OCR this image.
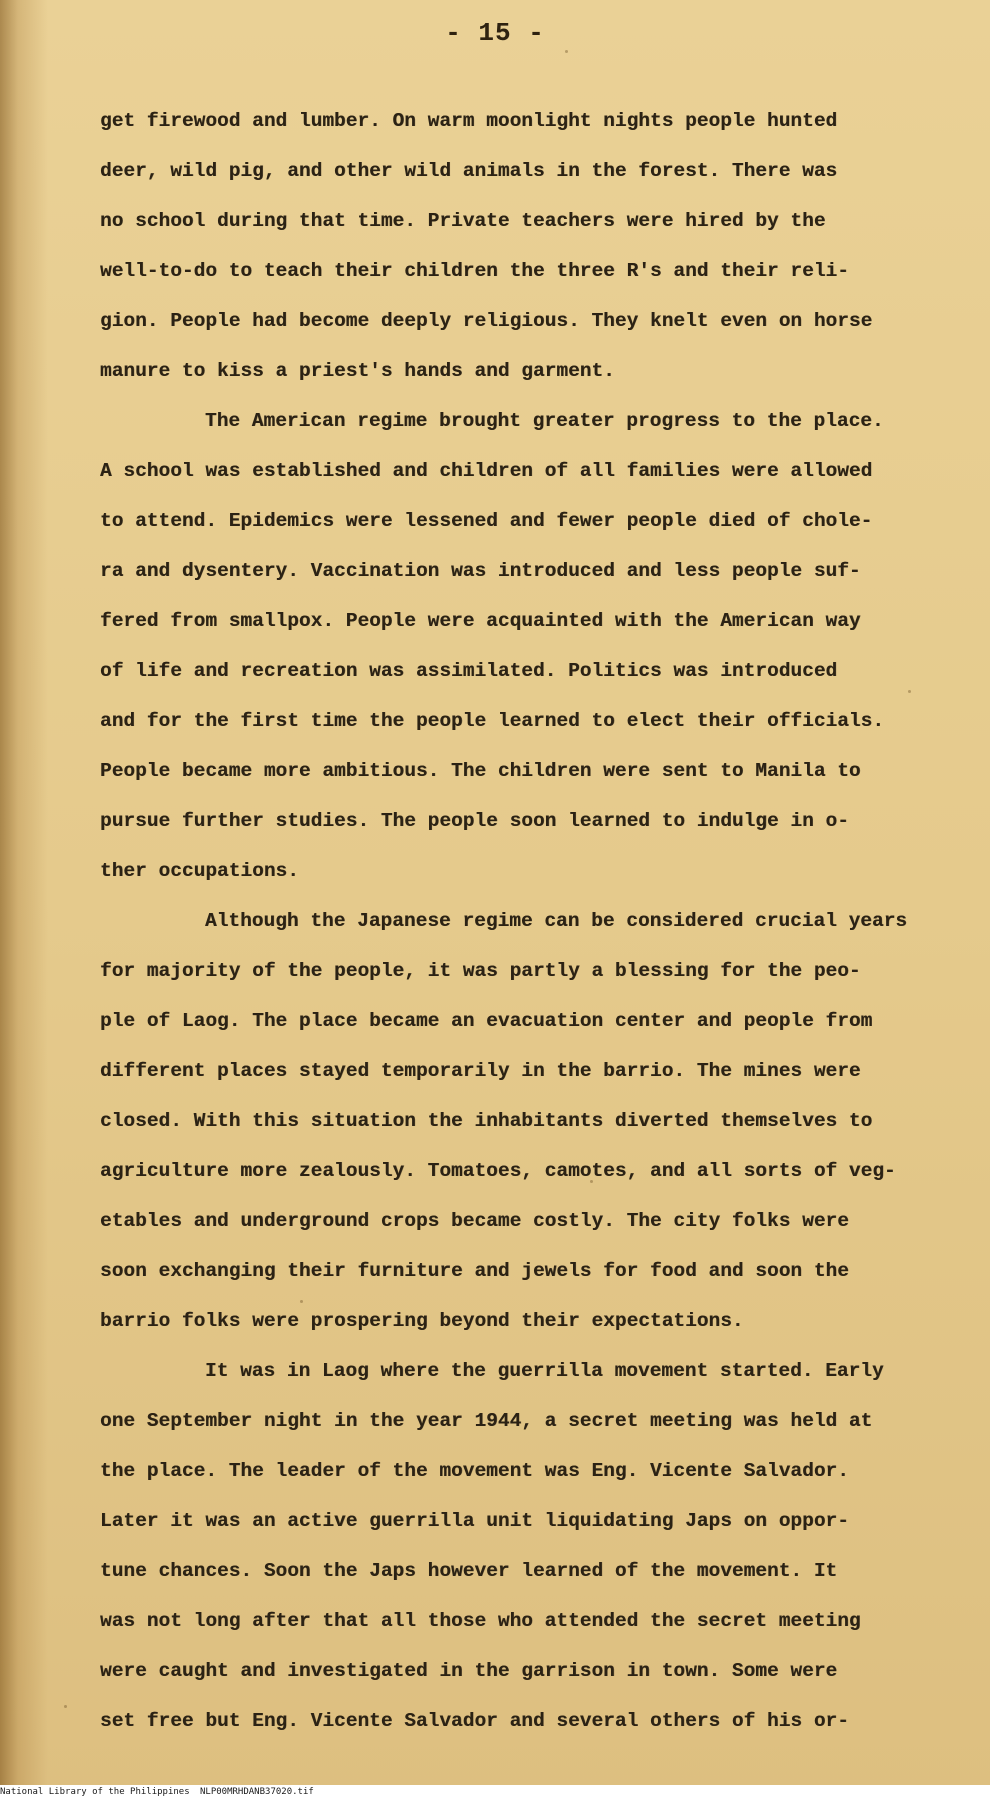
- 15 -
get firewood and lumber. On warm moonlight nights people hunted
deer, wild pig, and other wild animals in the forest. There was
no school during that time. Private teachers were hired by the
well-to-do to teach their children the three R's and their reli-
gion. People had become deeply religious. They knelt even on horse
manure to kiss a priest's hands and garment.
The American regime brought greater progress to the place.
A school was established and children of all families were allowed
to attend. Epidemics were lessened and fewer people died of chole-
ra and dysentery. Vaccination was introduced and less people suf-
fered from smallpox. People were acquainted with the American way
of life and recreation was assimilated. Politics was introduced
and for the first time the people learned to elect their officials.
People became more ambitious. The children were sent to Manila to
pursue further studies. The people soon learned to indulge in o-
ther occupations.
Although the Japanese regime can be considered crucial years
for majority of the people, it was partly a blessing for the peo-
ple of Laog. The place became an evacuation center and people from
different places stayed temporarily in the barrio. The mines were
closed. With this situation the inhabitants diverted themselves to
agriculture more zealously. Tomatoes, camotes, and all sorts of veg-
etables and underground crops became costly. The city folks were
soon exchanging their furniture and jewels for food and soon the
barrio folks were prospering beyond their expectations.
It was in Laog where the guerrilla movement started. Early
one September night in the year 1944, a secret meeting was held at
the place. The leader of the movement was Eng. Vicente Salvador.
Later it was an active guerrilla unit liquidating Japs on oppor-
tune chances. Soon the Japs however learned of the movement. It
was not long after that all those who attended the secret meeting
were caught and investigated in the garrison in town. Some were
set free but Eng. Vicente Salvador and several others of his or-
National Library of the Philippines NLP00MRHDANB37020.tif
